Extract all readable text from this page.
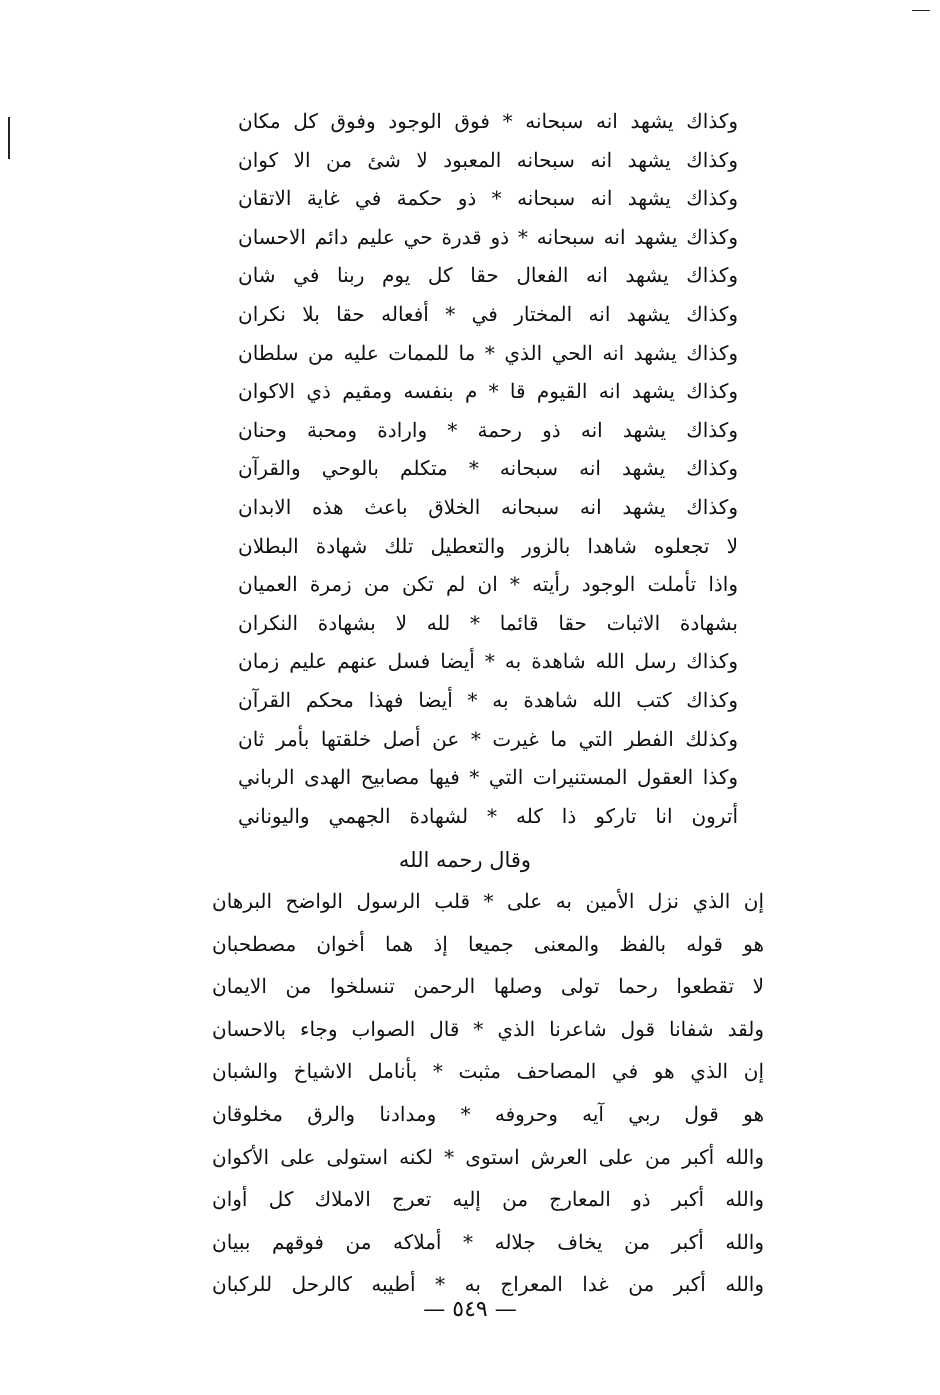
وكذاك يشهد انه سبحانه * فوق الوجود وفوق كل مكان
وكذاك يشهد انه سبحانه المعبود لا شئ من الا كوان
وكذاك يشهد انه سبحانه * ذو حكمة في غاية الاتقان
وكذاك يشهد انه سبحانه * ذو قدرة حي عليم دائم الاحسان
وكذاك يشهد انه الفعال حقا كل يوم ربنا في شان
وكذاك يشهد انه المختار في * أفعاله حقا بلا نكران
وكذاك يشهد انه الحي الذي * ما للممات عليه من سلطان
وكذاك يشهد انه القيوم قا * م بنفسه ومقيم ذي الاكوان
وكذاك يشهد انه ذو رحمة * وارادة ومحبة وحنان
وكذاك يشهد انه سبحانه * متكلم بالوحي والقرآن
وكذاك يشهد انه سبحانه الخلاق باعث هذه الابدان
لا تجعلوه شاهدا بالزور والتعطيل تلك شهادة البطلان
واذا تأملت الوجود رأيته * ان لم تكن من زمرة العميان
بشهادة الاثبات حقا قائما * لله لا بشهادة النكران
وكذاك رسل الله شاهدة به * أيضا فسل عنهم عليم زمان
وكذاك كتب الله شاهدة به * أيضا فهذا محكم القرآن
وكذلك الفطر التي ما غيرت * عن أصل خلقتها بأمر ثان
وكذا العقول المستنيرات التي * فيها مصابيح الهدى الرباني
أترون انا تاركو ذا كله * لشهادة الجهمي واليوناني
وقال رحمه الله
إن الذي نزل الأمين به على * قلب الرسول الواضح البرهان
هو قوله بالفظ والمعنى جميعا إذ هما أخوان مصطحبان
لا تقطعوا رحما تولى وصلها الرحمن تنسلخوا من الايمان
ولقد شفانا قول شاعرنا الذي * قال الصواب وجاء بالاحسان
إن الذي هو في المصاحف مثبت * بأنامل الاشياخ والشبان
هو قول ربي آيه وحروفه * ومدادنا والرق مخلوقان
والله أكبر من على العرش استوى * لكنه استولى على الأكوان
والله أكبر ذو المعارج من إليه تعرج الاملاك كل أوان
والله أكبر من يخاف جلاله * أملاكه من فوقهم ببيان
والله أكبر من غدا المعراج به * أطيبه كالرحل للركبان
— ٥٤٩ —
